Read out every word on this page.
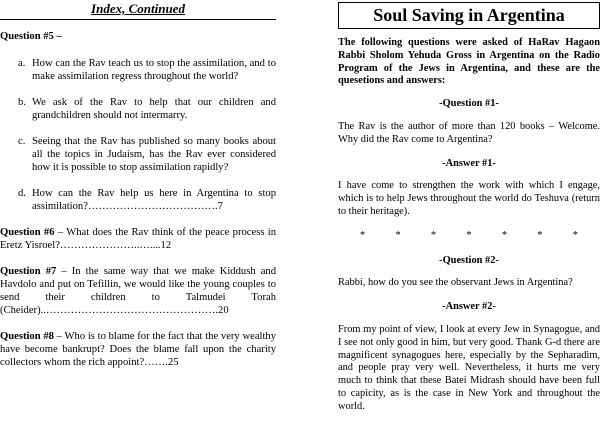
Index, Continued
Question #5 –
a. How can the Rav teach us to stop the assimilation, and to make assimilation regress throughout the world?
b. We ask of the Rav to help that our children and grandchildren should not intermarry.
c. Seeing that the Rav has published so many books about all the topics in Judaism, has the Rav ever considered how it is possible to stop assimilation rapidly?
d. How can the Rav help us here in Argentina to stop assimilation?……………………………….7
Question #6 – What does the Rav think of the peace process in Eretz Yisroel?…………………..…....12
Question #7 – In the same way that we make Kiddush and Havdolo and put on Tefillin, we would like the young couples to send their children to Talmudei Torah (Cheider)..………………………………………….20
Question #8 – Who is to blame for the fact that the very wealthy have become bankrupt? Does the blame fall upon the charity collectors whom the rich appoint?…….25
Soul Saving in Argentina
The following questions were asked of HaRav Hagaon Rabbi Sholom Yehuda Gross in Argentina on the Radio Program of the Jews in Argentina, and these are the quesetions and answers:
-Question #1-
The Rav is the author of more than 120 books – Welcome. Why did the Rav come to Argentina?
-Answer #1-
I have come to strengthen the work with which I engage, which is to help Jews throughout the world do Teshuva (return to their heritage).
*	*	*	*	*	*	*
-Question #2-
Rabbi, how do you see the observant Jews in Argentina?
-Answer #2-
From my point of view, I look at every Jew in Synagogue, and I see not only good in him, but very good. Thank G-d there are magnificent synagogues here, especially by the Sepharadim, and people pray very well. Nevertheless, it hurts me very much to think that these Batei Midrash should have been full to capicity, as is the case in New York and throughout the world.
